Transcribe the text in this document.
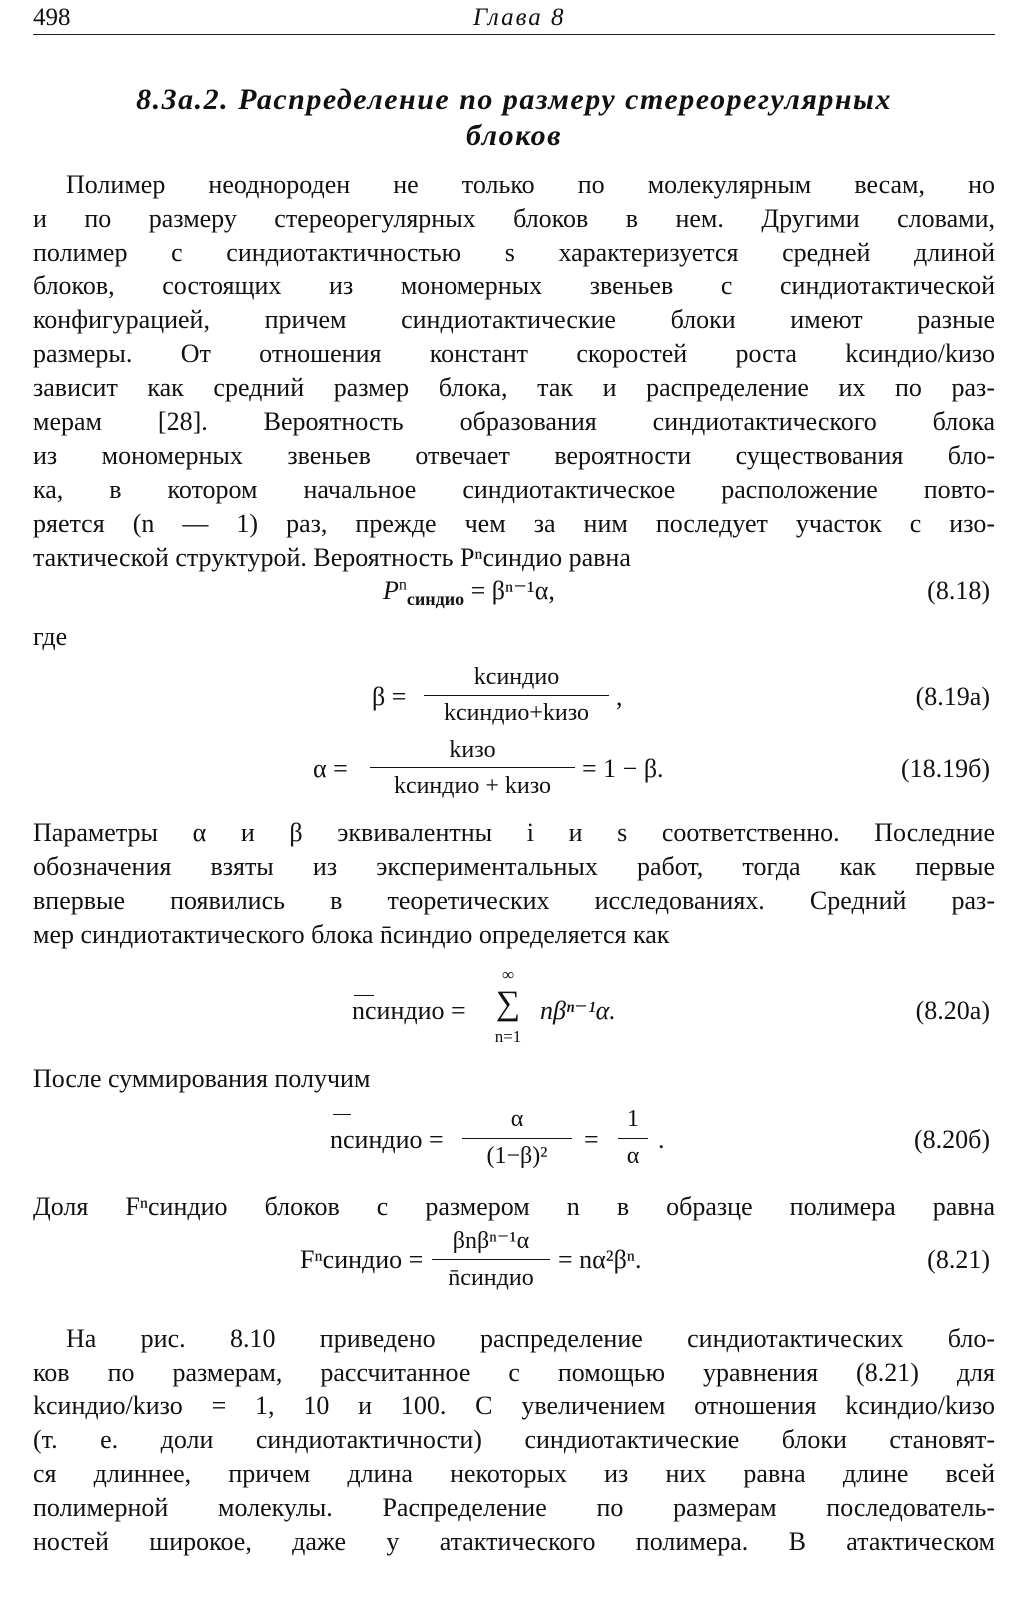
498	Глава 8
8.3а.2. Распределение по размеру стереорегулярных
блоков
Полимер неоднороден не только по молекулярным весам, но
и по размеру стереорегулярных блоков в нем. Другими словами,
полимер с синдиотактичностью s характеризуется средней длиной
блоков, состоящих из мономерных звеньев с синдиотактической
конфигурацией, причем синдиотактические блоки имеют разные
размеры. От отношения констант скоростей роста kсиндио/kизо
зависит как средний размер блока, так и распределение их по раз-
мерам [28]. Вероятность образования синдиотактического блока
из мономерных звеньев отвечает вероятности существования бло-
ка, в котором начальное синдиотактическое расположение повто-
ряется (n — 1) раз, прежде чем за ним последует участок с изо-
тактической структурой. Вероятность Pⁿсиндио равна
$P^n_{синдио} = \beta^{n-1}\alpha$,	(8.18)
где
β =
kсиндио
kсиндио+kизо
,	(8.19а)
α =
kизо
kсиндио + kизо
= 1 − β.	(18.19б)
Параметры α и β эквивалентны i и s соответственно. Последние
обозначения взяты из экспериментальных работ, тогда как первые
впервые появились в теоретических исследованиях. Средний раз-
мер синдиотактического блока n̄синдио определяется как
nсиндио =
∞
∑
n=1
nβⁿ⁻¹α.	(8.20а)
После суммирования получим
nсиндио =
α
(1−β)²
=
1
α
.	(8.20б)
Доля Fⁿсиндио блоков с размером n в образце полимера равна
Fⁿсиндио =
βnβⁿ⁻¹α
n̄синдио
= nα²βⁿ.	(8.21)
На рис. 8.10 приведено распределение синдиотактических бло-
ков по размерам, рассчитанное с помощью уравнения (8.21) для
kсиндио/kизо = 1, 10 и 100. С увеличением отношения kсиндио/kизо
(т. е. доли синдиотактичности) синдиотактические блоки становят-
ся длиннее, причем длина некоторых из них равна длине всей
полимерной молекулы. Распределение по размерам последователь-
ностей широкое, даже у атактического полимера. В атактическом
